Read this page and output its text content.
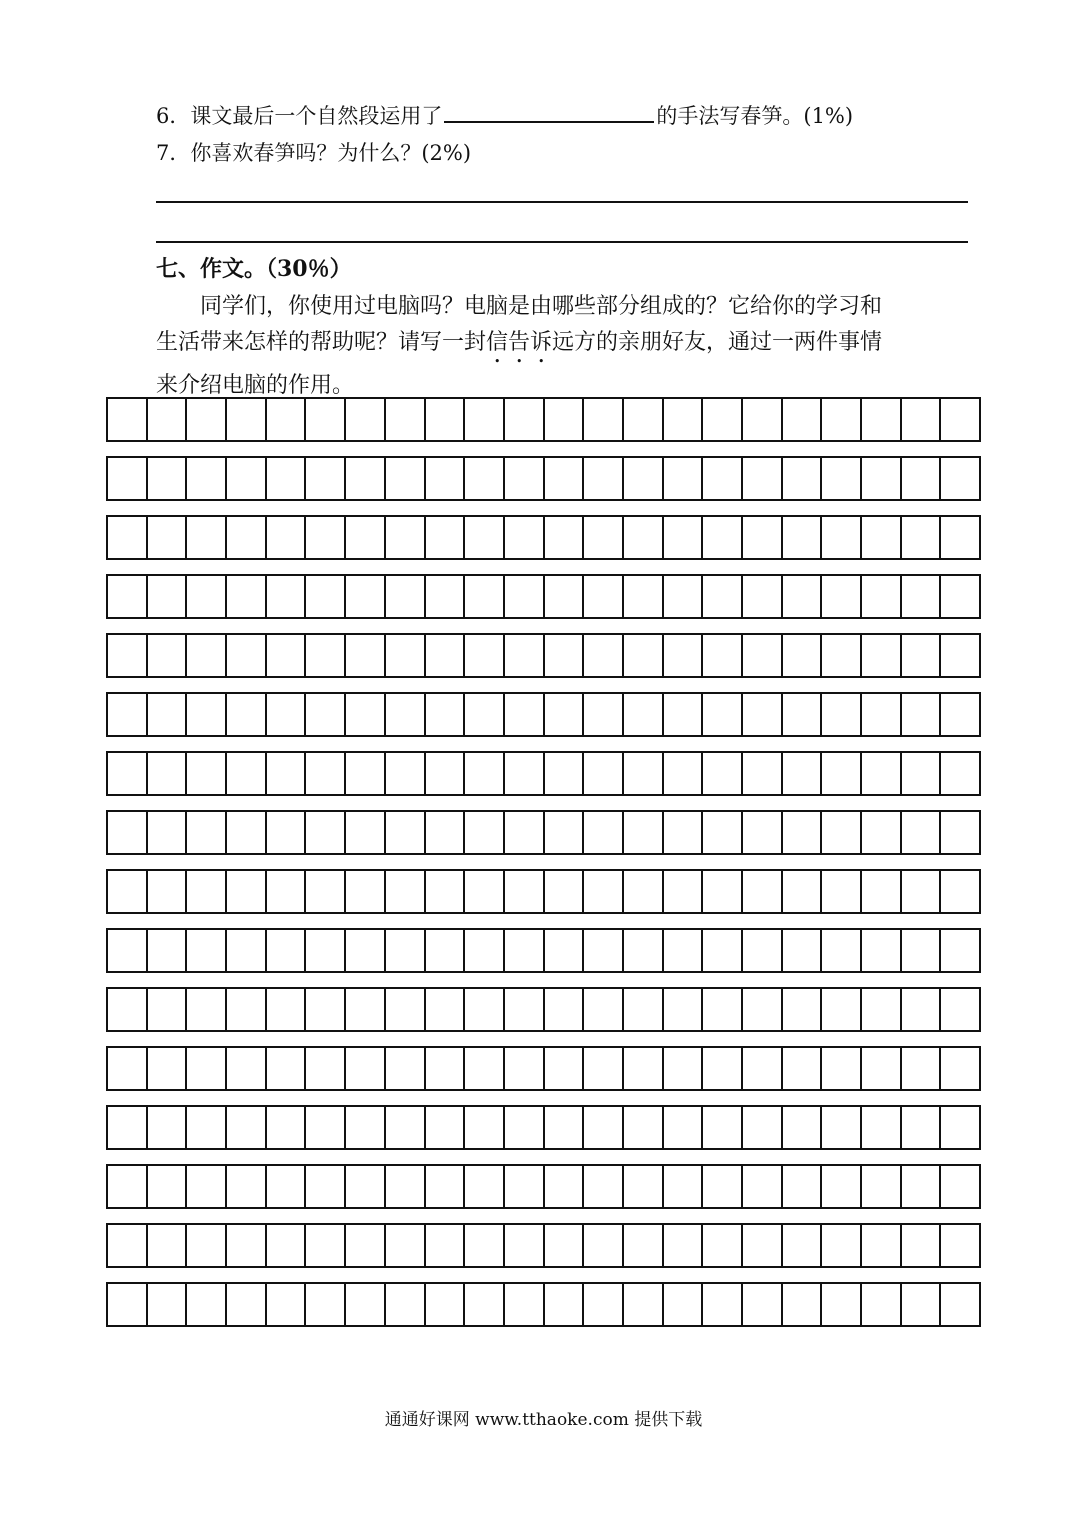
6．课文最后一个自然段运用了	的手法写春笋。(1%)
7．你喜欢春笋吗？为什么？(2%)
七、作文。（30％）
同学们，你使用过电脑吗？电脑是由哪些部分组成的？它给你的学习和
生活带来怎样的帮助呢？请写一封信告诉远方的亲朋好友，通过一两件事情
来介绍电脑的作用。
通通好课网 www.tthaoke.com 提供下载
